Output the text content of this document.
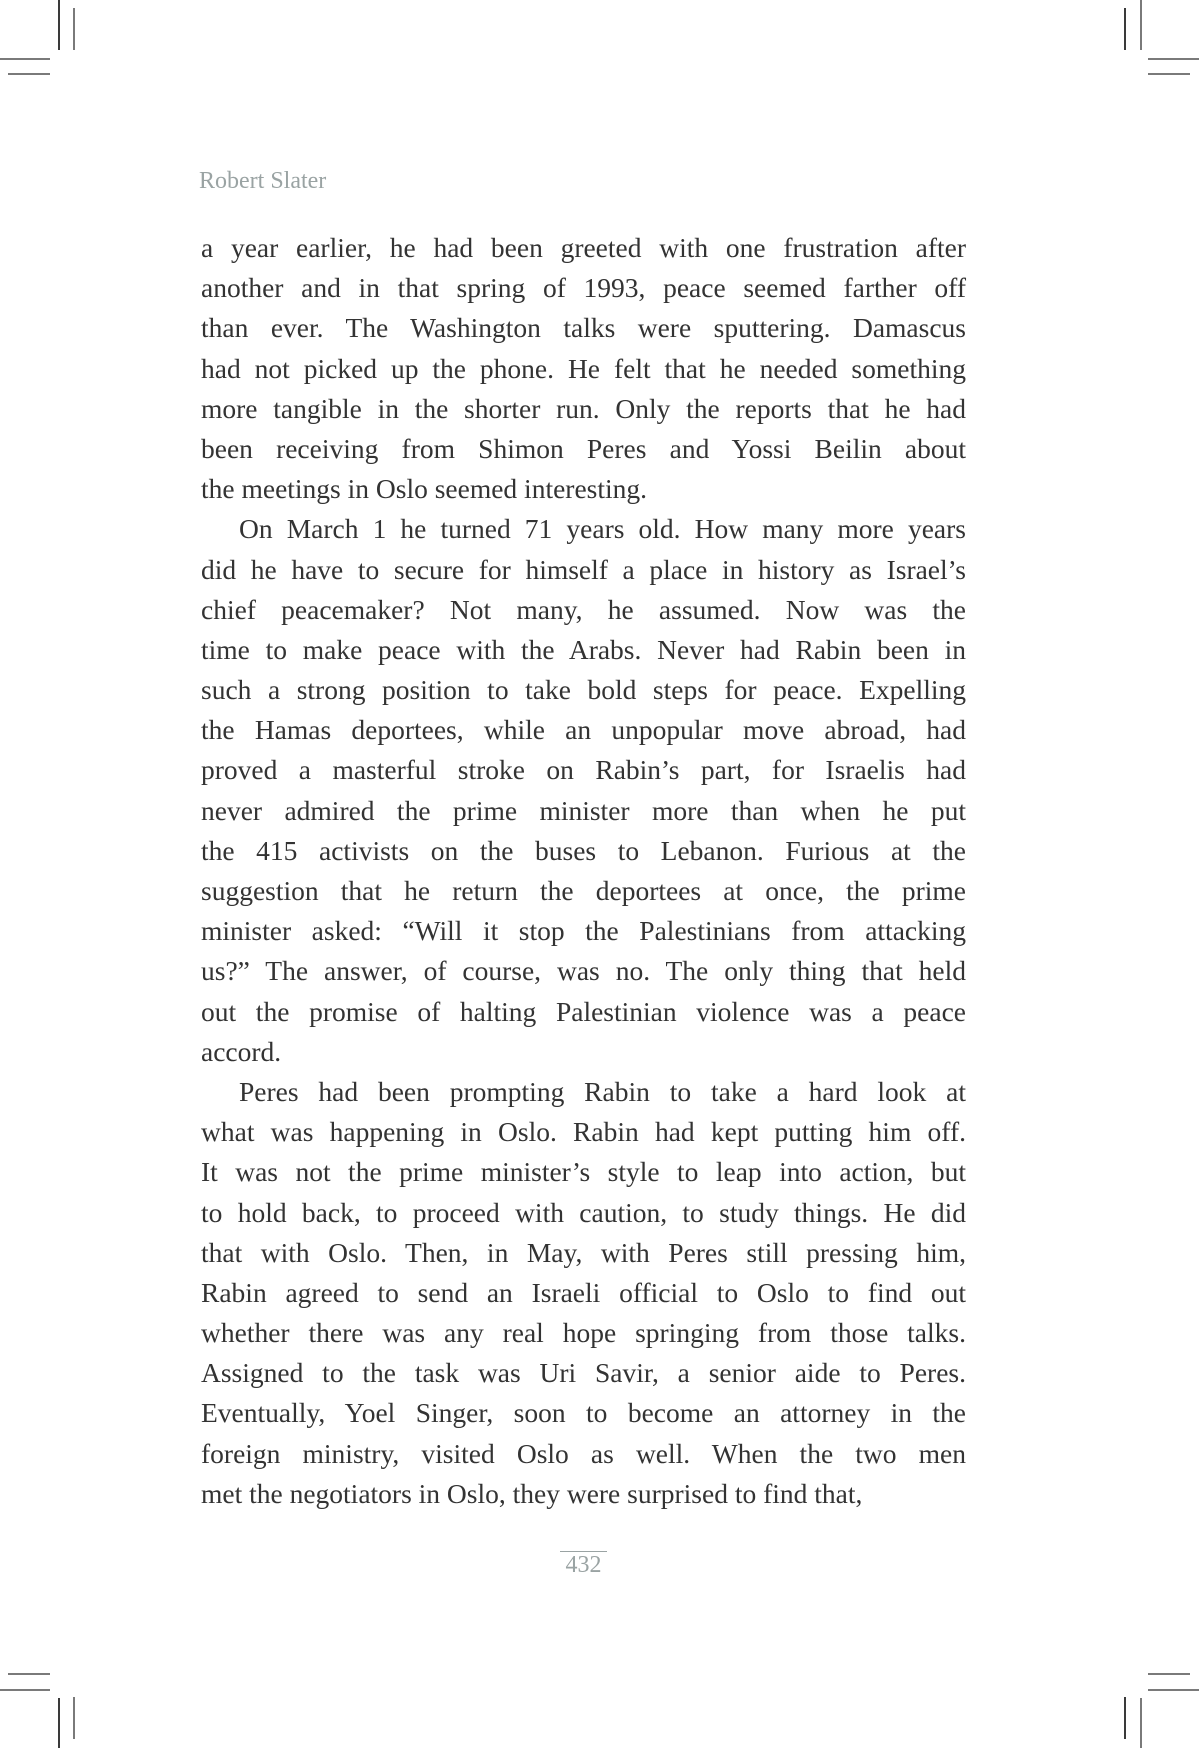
Robert Slater
a year earlier, he had been greeted with one frustration after
another and in that spring of 1993, peace seemed farther off
than ever. The Washington talks were sputtering. Damascus
had not picked up the phone. He felt that he needed something
more tangible in the shorter run. Only the reports that he had
been receiving from Shimon Peres and Yossi Beilin about
the meetings in Oslo seemed interesting.
On March 1 he turned 71 years old. How many more years
did he have to secure for himself a place in history as Israel’s
chief peacemaker? Not many, he assumed. Now was the
time to make peace with the Arabs. Never had Rabin been in
such a strong position to take bold steps for peace. Expelling
the Hamas deportees, while an unpopular move abroad, had
proved a masterful stroke on Rabin’s part, for Israelis had
never admired the prime minister more than when he put
the 415 activists on the buses to Lebanon. Furious at the
suggestion that he return the deportees at once, the prime
minister asked: “Will it stop the Palestinians from attacking
us?” The answer, of course, was no. The only thing that held
out the promise of halting Palestinian violence was a peace
accord.
Peres had been prompting Rabin to take a hard look at
what was happening in Oslo. Rabin had kept putting him off.
It was not the prime minister’s style to leap into action, but
to hold back, to proceed with caution, to study things. He did
that with Oslo. Then, in May, with Peres still pressing him,
Rabin agreed to send an Israeli official to Oslo to find out
whether there was any real hope springing from those talks.
Assigned to the task was Uri Savir, a senior aide to Peres.
Eventually, Yoel Singer, soon to become an attorney in the
foreign ministry, visited Oslo as well. When the two men
met the negotiators in Oslo, they were surprised to find that,
432
